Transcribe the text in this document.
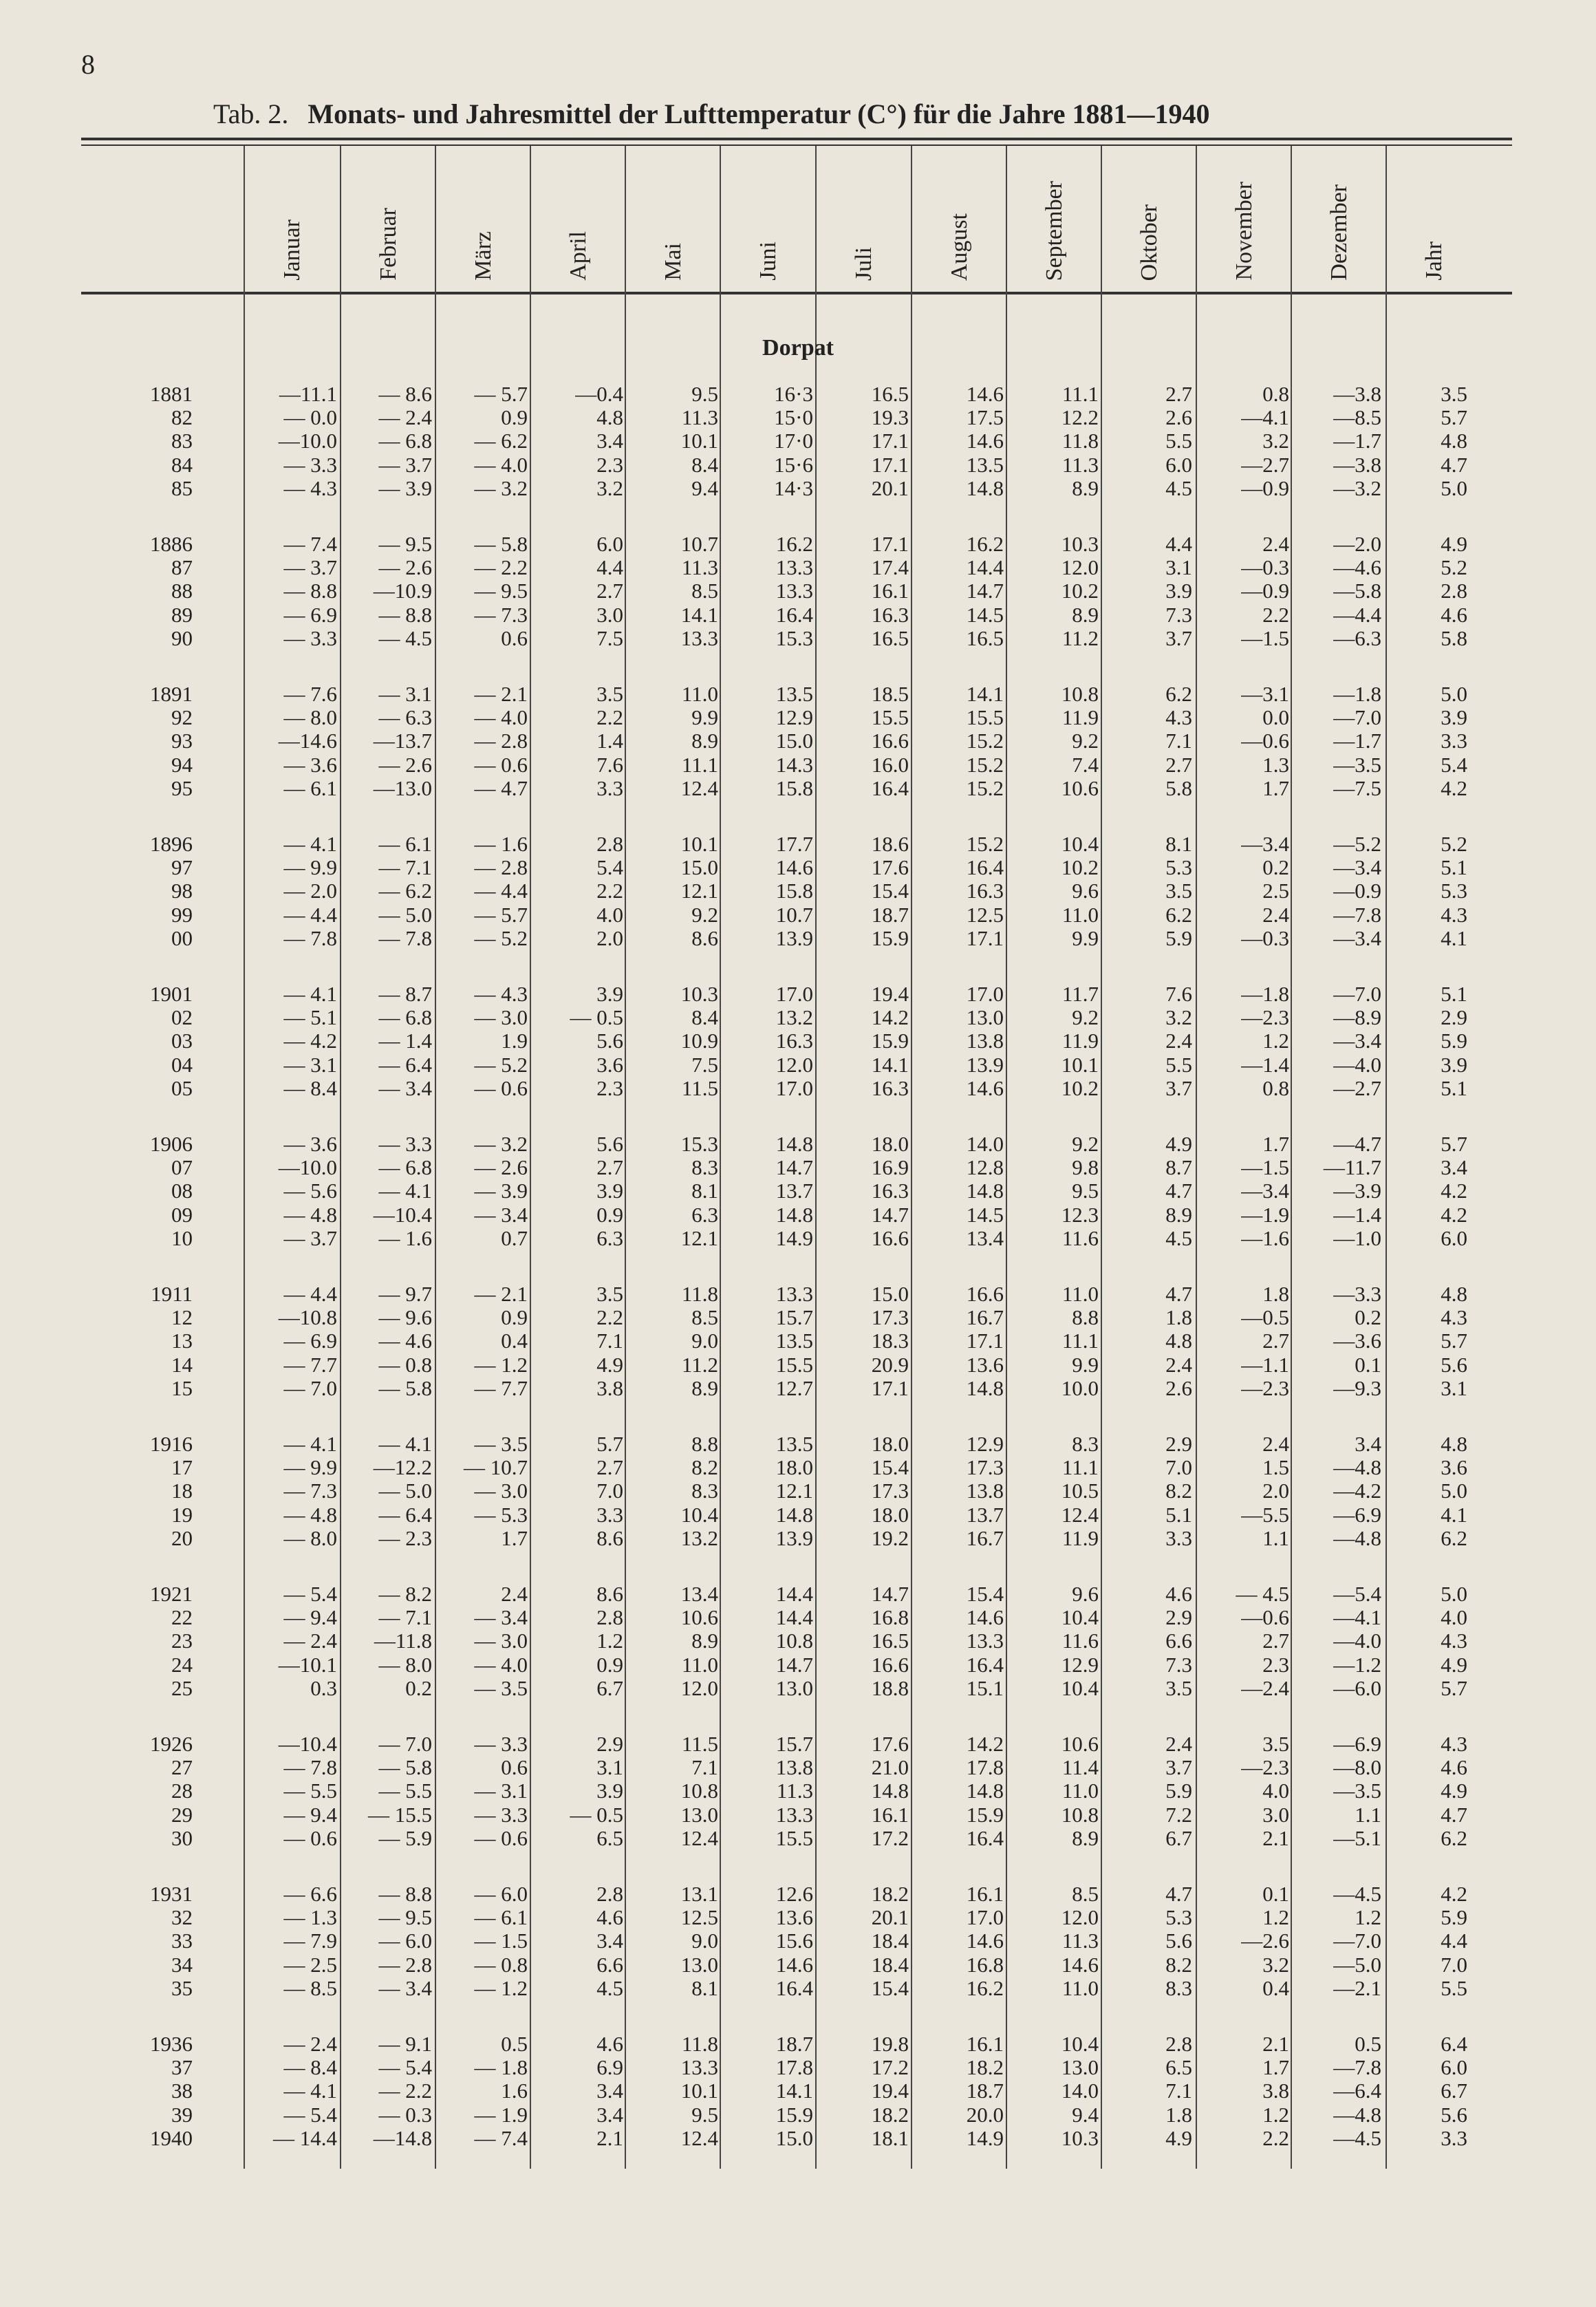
8
Tab. 2. Monats- und Jahresmittel der Lufttemperatur (C°) für die Jahre 1881—1940
Januar	Februar	März	April	Mai	Juni	Juli	August	September	Oktober	November	Dezember	Jahr
Dorpat
1881	—11.1	— 8.6	— 5.7	—0.4	9.5	16·3	16.5	14.6	11.1	2.7	0.8	—3.8	3.5
82	— 0.0	— 2.4	0.9	4.8	11.3	15·0	19.3	17.5	12.2	2.6	—4.1	—8.5	5.7
83	—10.0	— 6.8	— 6.2	3.4	10.1	17·0	17.1	14.6	11.8	5.5	3.2	—1.7	4.8
84	— 3.3	— 3.7	— 4.0	2.3	8.4	15·6	17.1	13.5	11.3	6.0	—2.7	—3.8	4.7
85	— 4.3	— 3.9	— 3.2	3.2	9.4	14·3	20.1	14.8	8.9	4.5	—0.9	—3.2	5.0
1886	— 7.4	— 9.5	— 5.8	6.0	10.7	16.2	17.1	16.2	10.3	4.4	2.4	—2.0	4.9
87	— 3.7	— 2.6	— 2.2	4.4	11.3	13.3	17.4	14.4	12.0	3.1	—0.3	—4.6	5.2
88	— 8.8	—10.9	— 9.5	2.7	8.5	13.3	16.1	14.7	10.2	3.9	—0.9	—5.8	2.8
89	— 6.9	— 8.8	— 7.3	3.0	14.1	16.4	16.3	14.5	8.9	7.3	2.2	—4.4	4.6
90	— 3.3	— 4.5	0.6	7.5	13.3	15.3	16.5	16.5	11.2	3.7	—1.5	—6.3	5.8
1891	— 7.6	— 3.1	— 2.1	3.5	11.0	13.5	18.5	14.1	10.8	6.2	—3.1	—1.8	5.0
92	— 8.0	— 6.3	— 4.0	2.2	9.9	12.9	15.5	15.5	11.9	4.3	0.0	—7.0	3.9
93	—14.6	—13.7	— 2.8	1.4	8.9	15.0	16.6	15.2	9.2	7.1	—0.6	—1.7	3.3
94	— 3.6	— 2.6	— 0.6	7.6	11.1	14.3	16.0	15.2	7.4	2.7	1.3	—3.5	5.4
95	— 6.1	—13.0	— 4.7	3.3	12.4	15.8	16.4	15.2	10.6	5.8	1.7	—7.5	4.2
1896	— 4.1	— 6.1	— 1.6	2.8	10.1	17.7	18.6	15.2	10.4	8.1	—3.4	—5.2	5.2
97	— 9.9	— 7.1	— 2.8	5.4	15.0	14.6	17.6	16.4	10.2	5.3	0.2	—3.4	5.1
98	— 2.0	— 6.2	— 4.4	2.2	12.1	15.8	15.4	16.3	9.6	3.5	2.5	—0.9	5.3
99	— 4.4	— 5.0	— 5.7	4.0	9.2	10.7	18.7	12.5	11.0	6.2	2.4	—7.8	4.3
00	— 7.8	— 7.8	— 5.2	2.0	8.6	13.9	15.9	17.1	9.9	5.9	—0.3	—3.4	4.1
1901	— 4.1	— 8.7	— 4.3	3.9	10.3	17.0	19.4	17.0	11.7	7.6	—1.8	—7.0	5.1
02	— 5.1	— 6.8	— 3.0	— 0.5	8.4	13.2	14.2	13.0	9.2	3.2	—2.3	—8.9	2.9
03	— 4.2	— 1.4	1.9	5.6	10.9	16.3	15.9	13.8	11.9	2.4	1.2	—3.4	5.9
04	— 3.1	— 6.4	— 5.2	3.6	7.5	12.0	14.1	13.9	10.1	5.5	—1.4	—4.0	3.9
05	— 8.4	— 3.4	— 0.6	2.3	11.5	17.0	16.3	14.6	10.2	3.7	0.8	—2.7	5.1
1906	— 3.6	— 3.3	— 3.2	5.6	15.3	14.8	18.0	14.0	9.2	4.9	1.7	—4.7	5.7
07	—10.0	— 6.8	— 2.6	2.7	8.3	14.7	16.9	12.8	9.8	8.7	—1.5	—11.7	3.4
08	— 5.6	— 4.1	— 3.9	3.9	8.1	13.7	16.3	14.8	9.5	4.7	—3.4	—3.9	4.2
09	— 4.8	—10.4	— 3.4	0.9	6.3	14.8	14.7	14.5	12.3	8.9	—1.9	—1.4	4.2
10	— 3.7	— 1.6	0.7	6.3	12.1	14.9	16.6	13.4	11.6	4.5	—1.6	—1.0	6.0
1911	— 4.4	— 9.7	— 2.1	3.5	11.8	13.3	15.0	16.6	11.0	4.7	1.8	—3.3	4.8
12	—10.8	— 9.6	0.9	2.2	8.5	15.7	17.3	16.7	8.8	1.8	—0.5	0.2	4.3
13	— 6.9	— 4.6	0.4	7.1	9.0	13.5	18.3	17.1	11.1	4.8	2.7	—3.6	5.7
14	— 7.7	— 0.8	— 1.2	4.9	11.2	15.5	20.9	13.6	9.9	2.4	—1.1	0.1	5.6
15	— 7.0	— 5.8	— 7.7	3.8	8.9	12.7	17.1	14.8	10.0	2.6	—2.3	—9.3	3.1
1916	— 4.1	— 4.1	— 3.5	5.7	8.8	13.5	18.0	12.9	8.3	2.9	2.4	3.4	4.8
17	— 9.9	—12.2	— 10.7	2.7	8.2	18.0	15.4	17.3	11.1	7.0	1.5	—4.8	3.6
18	— 7.3	— 5.0	— 3.0	7.0	8.3	12.1	17.3	13.8	10.5	8.2	2.0	—4.2	5.0
19	— 4.8	— 6.4	— 5.3	3.3	10.4	14.8	18.0	13.7	12.4	5.1	—5.5	—6.9	4.1
20	— 8.0	— 2.3	1.7	8.6	13.2	13.9	19.2	16.7	11.9	3.3	1.1	—4.8	6.2
1921	— 5.4	— 8.2	2.4	8.6	13.4	14.4	14.7	15.4	9.6	4.6	— 4.5	—5.4	5.0
22	— 9.4	— 7.1	— 3.4	2.8	10.6	14.4	16.8	14.6	10.4	2.9	—0.6	—4.1	4.0
23	— 2.4	—11.8	— 3.0	1.2	8.9	10.8	16.5	13.3	11.6	6.6	2.7	—4.0	4.3
24	—10.1	— 8.0	— 4.0	0.9	11.0	14.7	16.6	16.4	12.9	7.3	2.3	—1.2	4.9
25	0.3	0.2	— 3.5	6.7	12.0	13.0	18.8	15.1	10.4	3.5	—2.4	—6.0	5.7
1926	—10.4	— 7.0	— 3.3	2.9	11.5	15.7	17.6	14.2	10.6	2.4	3.5	—6.9	4.3
27	— 7.8	— 5.8	0.6	3.1	7.1	13.8	21.0	17.8	11.4	3.7	—2.3	—8.0	4.6
28	— 5.5	— 5.5	— 3.1	3.9	10.8	11.3	14.8	14.8	11.0	5.9	4.0	—3.5	4.9
29	— 9.4	— 15.5	— 3.3	— 0.5	13.0	13.3	16.1	15.9	10.8	7.2	3.0	1.1	4.7
30	— 0.6	— 5.9	— 0.6	6.5	12.4	15.5	17.2	16.4	8.9	6.7	2.1	—5.1	6.2
1931	— 6.6	— 8.8	— 6.0	2.8	13.1	12.6	18.2	16.1	8.5	4.7	0.1	—4.5	4.2
32	— 1.3	— 9.5	— 6.1	4.6	12.5	13.6	20.1	17.0	12.0	5.3	1.2	1.2	5.9
33	— 7.9	— 6.0	— 1.5	3.4	9.0	15.6	18.4	14.6	11.3	5.6	—2.6	—7.0	4.4
34	— 2.5	— 2.8	— 0.8	6.6	13.0	14.6	18.4	16.8	14.6	8.2	3.2	—5.0	7.0
35	— 8.5	— 3.4	— 1.2	4.5	8.1	16.4	15.4	16.2	11.0	8.3	0.4	—2.1	5.5
1936	— 2.4	— 9.1	0.5	4.6	11.8	18.7	19.8	16.1	10.4	2.8	2.1	0.5	6.4
37	— 8.4	— 5.4	— 1.8	6.9	13.3	17.8	17.2	18.2	13.0	6.5	1.7	—7.8	6.0
38	— 4.1	— 2.2	1.6	3.4	10.1	14.1	19.4	18.7	14.0	7.1	3.8	—6.4	6.7
39	— 5.4	— 0.3	— 1.9	3.4	9.5	15.9	18.2	20.0	9.4	1.8	1.2	—4.8	5.6
1940	— 14.4	—14.8	— 7.4	2.1	12.4	15.0	18.1	14.9	10.3	4.9	2.2	—4.5	3.3
